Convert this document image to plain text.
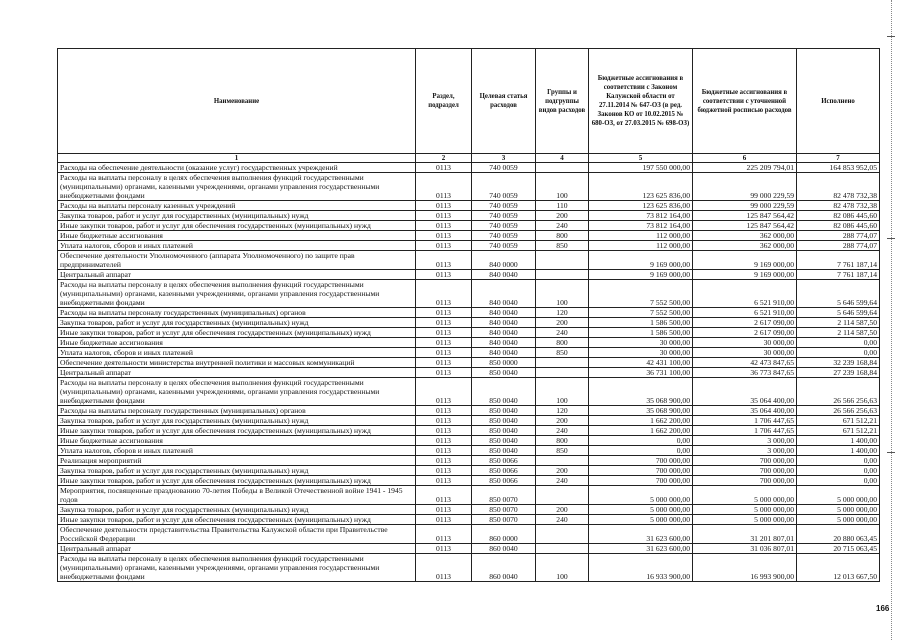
Наименование	Раздел, подраздел	Целевая статья расходов	Группы и подгруппы видов расходов	Бюджетные ассигнования в соответствии с Законом Калужской области от 27.11.2014 № 647-ОЗ (в ред. Законов КО от 10.02.2015 № 680-ОЗ, от 27.03.2015 № 698-ОЗ)	Бюджетные ассигнования в соответствии с уточненной бюджетной росписью расходов	Исполнено
1	2	3	4	5	6	7
Расходы на обеспечение деятельности (оказание услуг) государственных учреждений	0113	740 0059		197 550 000,00	225 209 794,01	164 853 952,05
Расходы на выплаты персоналу в целях обеспечения выполнения функций государственными (муниципальными) органами, казенными учреждениями, органами управления государственными внебюджетными фондами	0113	740 0059	100	123 625 836,00	99 000 229,59	82 478 732,38
Расходы на выплаты персоналу казенных учреждений	0113	740 0059	110	123 625 836,00	99 000 229,59	82 478 732,38
Закупка товаров, работ и услуг для государственных (муниципальных) нужд	0113	740 0059	200	73 812 164,00	125 847 564,42	82 086 445,60
Иные закупки товаров, работ и услуг для обеспечения государственных (муниципальных) нужд	0113	740 0059	240	73 812 164,00	125 847 564,42	82 086 445,60
Иные бюджетные ассигнования	0113	740 0059	800	112 000,00	362 000,00	288 774,07
Уплата налогов, сборов и иных платежей	0113	740 0059	850	112 000,00	362 000,00	288 774,07
Обеспечение деятельности Уполномоченного (аппарата Уполномоченного) по защите прав предпринимателей	0113	840 0000		9 169 000,00	9 169 000,00	7 761 187,14
Центральный аппарат	0113	840 0040		9 169 000,00	9 169 000,00	7 761 187,14
Расходы на выплаты персоналу в целях обеспечения выполнения функций государственными (муниципальными) органами, казенными учреждениями, органами управления государственными внебюджетными фондами	0113	840 0040	100	7 552 500,00	6 521 910,00	5 646 599,64
Расходы на выплаты персоналу государственных (муниципальных) органов	0113	840 0040	120	7 552 500,00	6 521 910,00	5 646 599,64
Закупка товаров, работ и услуг для государственных (муниципальных) нужд	0113	840 0040	200	1 586 500,00	2 617 090,00	2 114 587,50
Иные закупки товаров, работ и услуг для обеспечения государственных (муниципальных) нужд	0113	840 0040	240	1 586 500,00	2 617 090,00	2 114 587,50
Иные бюджетные ассигнования	0113	840 0040	800	30 000,00	30 000,00	0,00
Уплата налогов, сборов и иных платежей	0113	840 0040	850	30 000,00	30 000,00	0,00
Обеспечение деятельности министерства внутренней политики и массовых коммуникаций	0113	850 0000		42 431 100,00	42 473 847,65	32 239 168,84
Центральный аппарат	0113	850 0040		36 731 100,00	36 773 847,65	27 239 168,84
Расходы на выплаты персоналу в целях обеспечения выполнения функций государственными (муниципальными) органами, казенными учреждениями, органами управления государственными внебюджетными фондами	0113	850 0040	100	35 068 900,00	35 064 400,00	26 566 256,63
Расходы на выплаты персоналу государственных (муниципальных) органов	0113	850 0040	120	35 068 900,00	35 064 400,00	26 566 256,63
Закупка товаров, работ и услуг для государственных (муниципальных) нужд	0113	850 0040	200	1 662 200,00	1 706 447,65	671 512,21
Иные закупки товаров, работ и услуг для обеспечения государственных (муниципальных) нужд	0113	850 0040	240	1 662 200,00	1 706 447,65	671 512,21
Иные бюджетные ассигнования	0113	850 0040	800	0,00	3 000,00	1 400,00
Уплата налогов, сборов и иных платежей	0113	850 0040	850	0,00	3 000,00	1 400,00
Реализация мероприятий	0113	850 0066		700 000,00	700 000,00	0,00
Закупка товаров, работ и услуг для государственных (муниципальных) нужд	0113	850 0066	200	700 000,00	700 000,00	0,00
Иные закупки товаров, работ и услуг для обеспечения государственных (муниципальных) нужд	0113	850 0066	240	700 000,00	700 000,00	0,00
Мероприятия, посвященные празднованию 70-летия Победы в Великой Отечественной войне 1941 - 1945 годов	0113	850 0070		5 000 000,00	5 000 000,00	5 000 000,00
Закупка товаров, работ и услуг для государственных (муниципальных) нужд	0113	850 0070	200	5 000 000,00	5 000 000,00	5 000 000,00
Иные закупки товаров, работ и услуг для обеспечения государственных (муниципальных) нужд	0113	850 0070	240	5 000 000,00	5 000 000,00	5 000 000,00
Обеспечение деятельности представительства Правительства Калужской области при Правительстве Российской Федерации	0113	860 0000		31 623 600,00	31 201 807,01	20 880 063,45
Центральный аппарат	0113	860 0040		31 623 600,00	31 036 807,01	20 715 063,45
Расходы на выплаты персоналу в целях обеспечения выполнения функций государственными (муниципальными) органами, казенными учреждениями, органами управления государственными внебюджетными фондами	0113	860 0040	100	16 933 900,00	16 993 900,00	12 013 667,50
166
